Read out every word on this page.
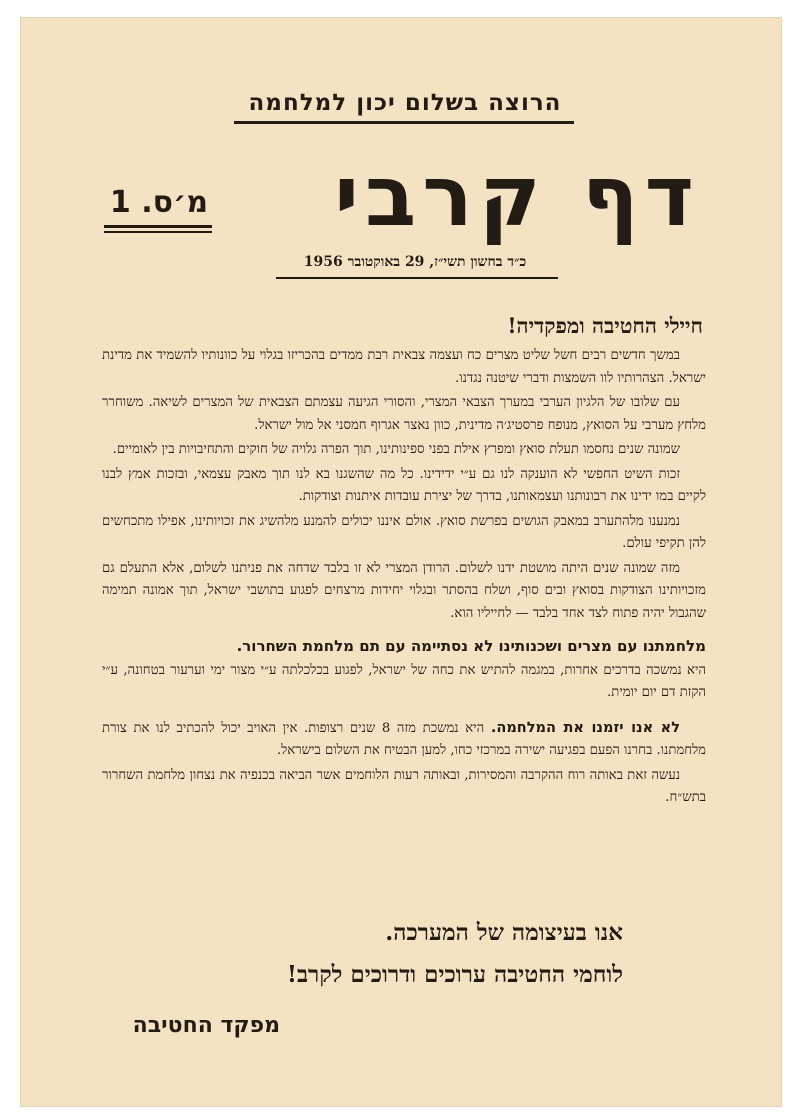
הרוצה בשלום יכון למלחמה
דף קרבי
מ׳ס. 1
כ״ד בחשון תשי״ז, 29 באוקטובר 1956
חיילי החטיבה ומפקדיה!

במשך חדשים רבים חשל שליט מצרים כח ועצמה צבאית רבת ממדים בהכריזו בגלוי על כוונותיו להשמיד את מדינת ישראל. הצהרותיו לוו השמצות ודברי שיטנה נגדנו.

עם שלובו של הלגיון הערבי במערך הצבאי המצרי, והסורי הגיעה עצמתם הצבאית של המצרים לשיאה. משוחרר מלחץ מערבי על הסואץ, מנופח פרסטיג׳ה מדינית, כוון נאצר אגרוף חמסני אל מול ישראל.

שמונה שנים נחסמו תעלת סואץ ומפרץ אילת בפני ספינותינו, תוך הפרה גלויה של חוקים והתחיבויות בין לאומיים.

זכות השיט החפשי לא הוענקה לנו גם ע״י ידידינו. כל מה שהשגנו בא לנו תוך מאבק עצמאי, ובזכות אמץ לבנו לקיים במו ידינו את רבונותנו ועצמאותנו, בדרך של יצירת עובדות איתנות וצודקות.

נמנענו מלהתערב במאבק הגושים בפרשת סואץ. אולם איננו יכולים להמנע מלהשיג את זכויותינו, אפילו מתכחשים להן תקיפי עולם.

מזה שמונה שנים היתה מושטת ידנו לשלום. הרודן המצרי לא זו בלבד שדחה את פניתנו לשלום, אלא התעלם גם מזכויותינו הצודקות בסואץ ובים סוף, ושלח בהסתר ובגלוי יחידות מרצחים לפגוע בתושבי ישראל, תוך אמונה תמימה שהגבול יהיה פתוח לצד אחד בלבד — לחייליו הוא.

מלחמתנו עם מצרים ושכנותינו לא נסתיימה עם תם מלחמת השחרור.

היא נמשכה בדרכים אחרות, במגמה להתיש את כחה של ישראל, לפגוע בכלכלתה ע״י מצור ימי וערעור בטחונה, ע״י הקזת דם יום יומית.

לא אנו יזמנו את המלחמה. היא נמשכת מזה 8 שנים רצופות. אין האויב יכול להכתיב לנו את צורת מלחמתנו. בחרנו הפעם בפגיעה ישירה במרכזי כחו, למען הבטיח את השלום בישראל.

נעשה זאת באותה רוח ההקרבה והמסירות, ובאותה רעות הלוחמים אשר הביאה בכנפיה את נצחון מלחמת השחרור בתש״ח.

אנו בעיצומה של המערכה.
לוחמי החטיבה ערוכים ודרוכים לקרב!
מפקד החטיבה
